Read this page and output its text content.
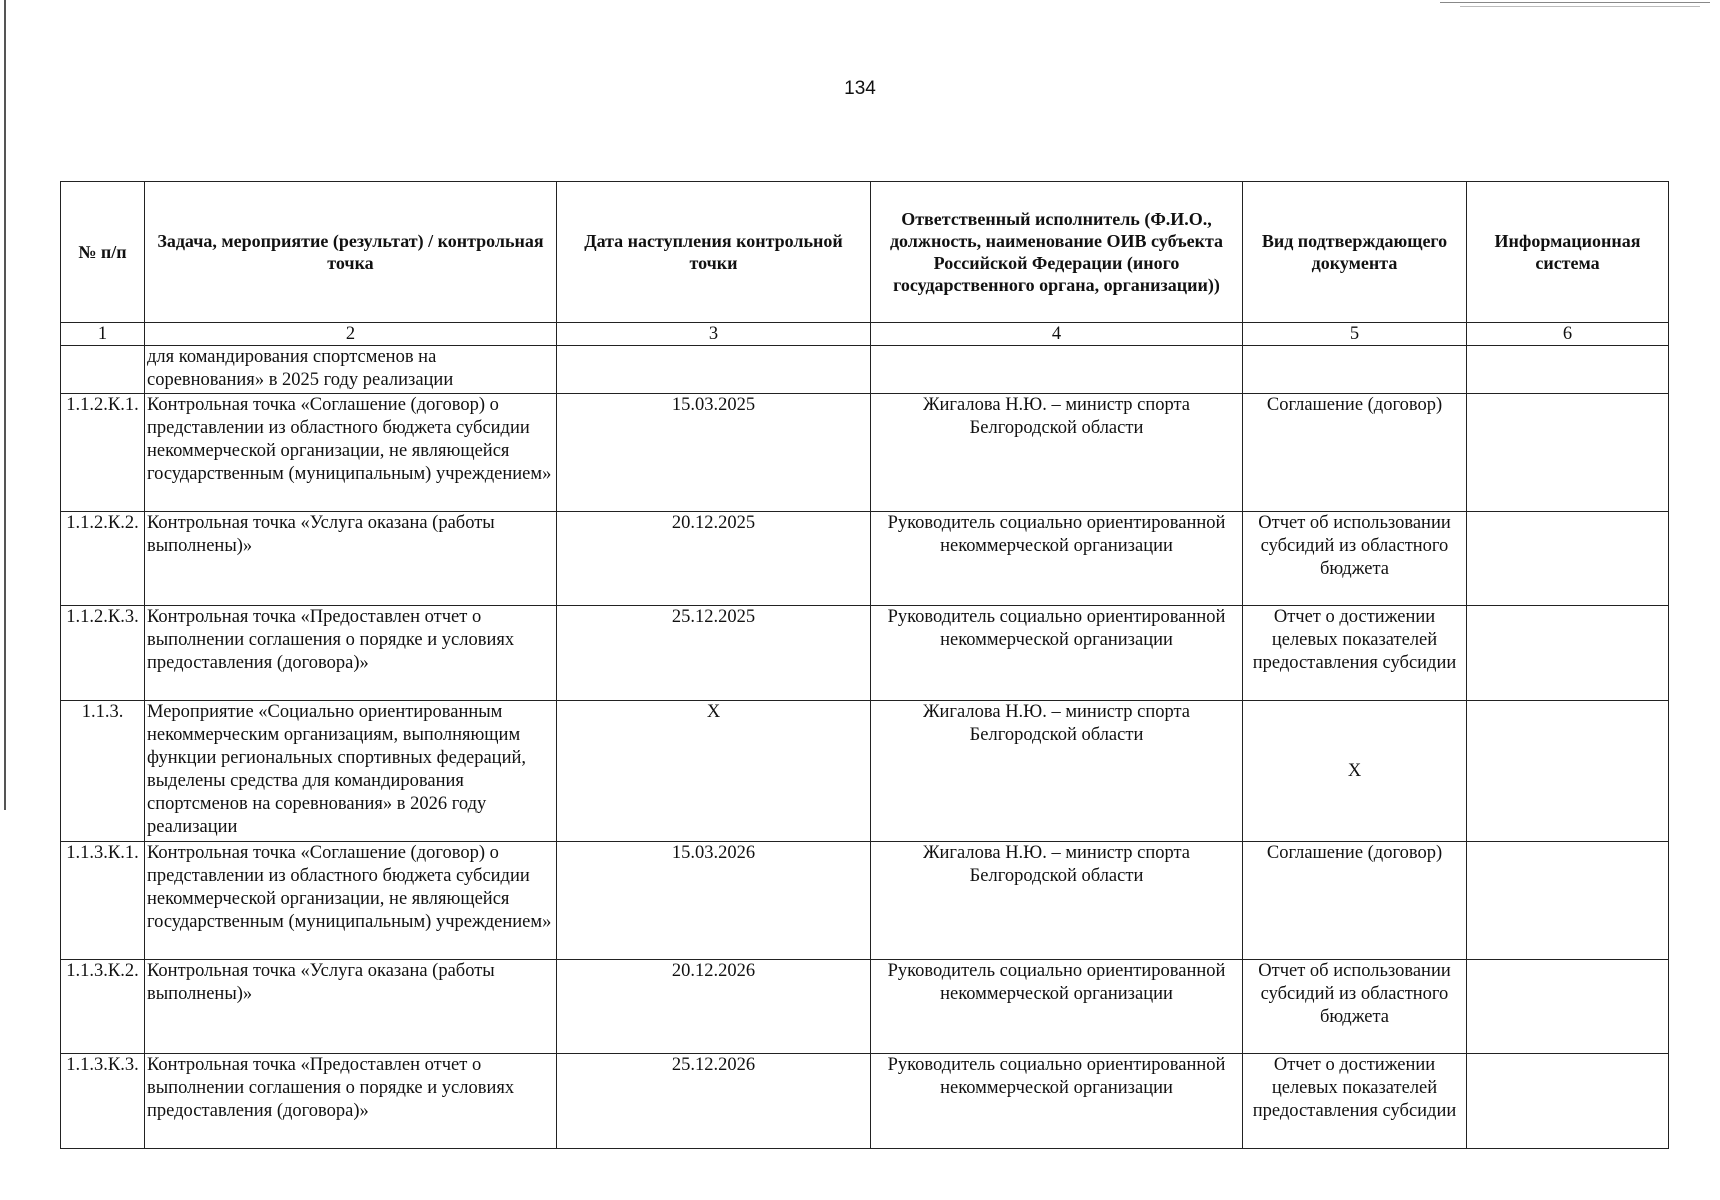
134
№ п/п	Задача, мероприятие (результат) / контрольная точка	Дата наступления контрольной точки	Ответственный исполнитель (Ф.И.О., должность, наименование ОИВ субъекта Российской Федерации (иного государственного органа, организации))	Вид подтверждающего документа	Информационная система
1	2	3	4	5	6
	для командирования спортсменов на соревнования» в 2025 году реализации				
1.1.2.К.1.	Контрольная точка «Соглашение (договор) о представлении из областного бюджета субсидии некоммерческой организации, не являющейся государственным (муниципальным) учреждением»	15.03.2025	Жигалова Н.Ю. – министр спорта Белгородской области	Соглашение (договор)	
1.1.2.К.2.	Контрольная точка «Услуга оказана (работы выполнены)»	20.12.2025	Руководитель социально ориентированной некоммерческой организации	Отчет об использовании субсидий из областного бюджета	
1.1.2.К.3.	Контрольная точка «Предоставлен отчет о выполнении соглашения о порядке и условиях предоставления (договора)»	25.12.2025	Руководитель социально ориентированной некоммерческой организации	Отчет о достижении целевых показателей предоставления субсидии	
1.1.3.	Мероприятие «Социально ориентированным некоммерческим организациям, выполняющим функции региональных спортивных федераций, выделены средства для командирования спортсменов на соревнования» в 2026 году реализации	Х	Жигалова Н.Ю. – министр спорта Белгородской области	Х	
1.1.3.К.1.	Контрольная точка «Соглашение (договор) о представлении из областного бюджета субсидии некоммерческой организации, не являющейся государственным (муниципальным) учреждением»	15.03.2026	Жигалова Н.Ю. – министр спорта Белгородской области	Соглашение (договор)	
1.1.3.К.2.	Контрольная точка «Услуга оказана (работы выполнены)»	20.12.2026	Руководитель социально ориентированной некоммерческой организации	Отчет об использовании субсидий из областного бюджета	
1.1.3.К.3.	Контрольная точка «Предоставлен отчет о выполнении соглашения о порядке и условиях предоставления (договора)»	25.12.2026	Руководитель социально ориентированной некоммерческой организации	Отчет о достижении целевых показателей предоставления субсидии	
